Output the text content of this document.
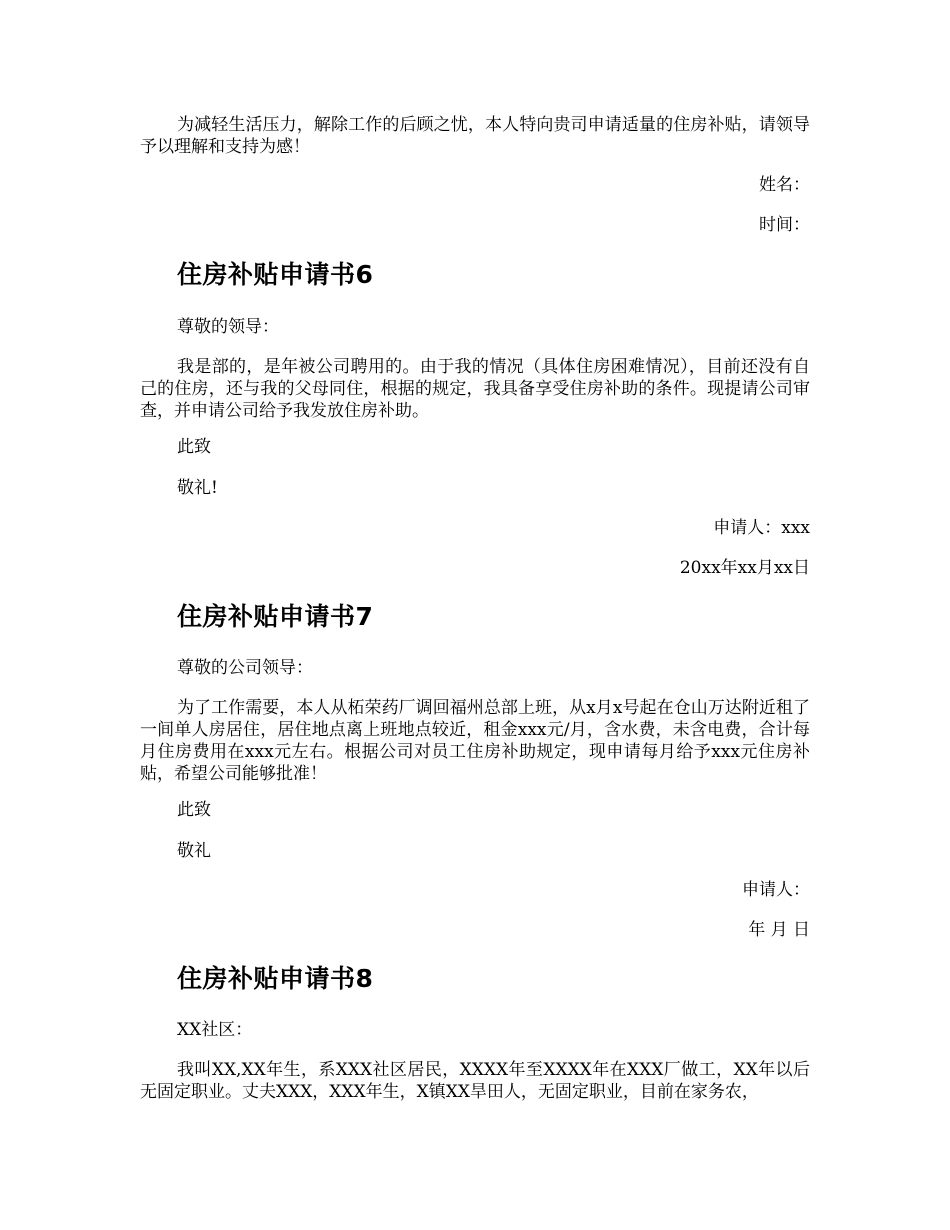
为减轻生活压力，解除工作的后顾之忧，本人特向贵司申请适量的住房补贴，请领导予以理解和支持为感！

姓名：

时间：

住房补贴申请书6

尊敬的领导：

我是部的，是年被公司聘用的。由于我的情况（具体住房困难情况），目前还没有自己的住房，还与我的父母同住，根据的规定，我具备享受住房补助的条件。现提请公司审查，并申请公司给予我发放住房补助。

此致

敬礼!

申请人：xxx

20xx年xx月xx日

住房补贴申请书7

尊敬的公司领导：

为了工作需要，本人从柘荣药厂调回福州总部上班，从x月x号起在仓山万达附近租了一间单人房居住，居住地点离上班地点较近，租金xxx元/月，含水费，未含电费，合计每月住房费用在xxx元左右。根据公司对员工住房补助规定，现申请每月给予xxx元住房补贴，希望公司能够批准！

此致

敬礼

申请人：

年 月 日

住房补贴申请书8

XX社区：

我叫XX,XX年生，系XXX社区居民，XXXX年至XXXX年在XXX厂做工，XX年以后无固定职业。丈夫XXX，XXX年生，X镇XX旱田人，无固定职业，目前在家务农，
